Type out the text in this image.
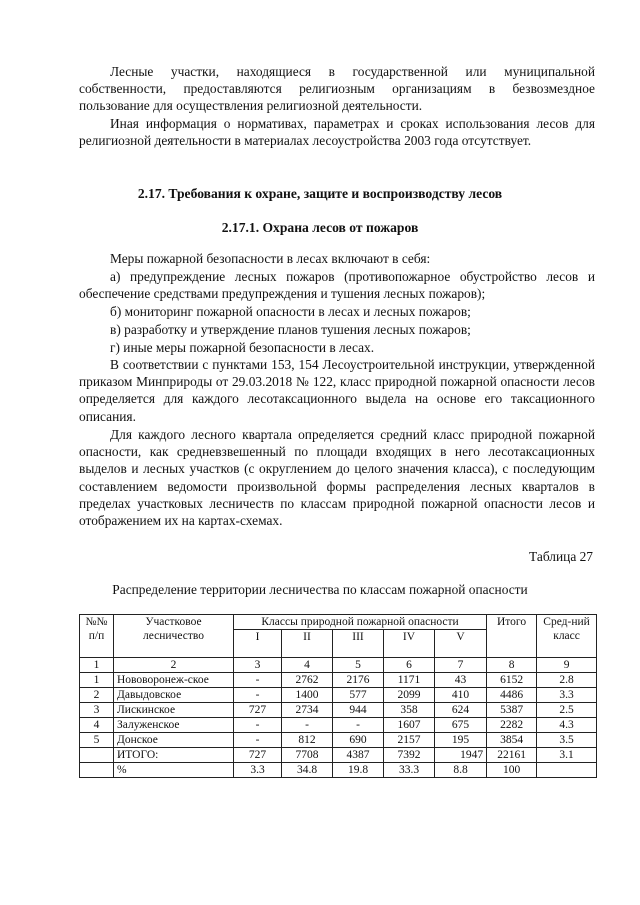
Лесные участки, находящиеся в государственной или муниципальной собственности, предоставляются религиозным организациям в безвозмездное пользование для осуществления религиозной деятельности.

Иная информация о нормативах, параметрах и сроках использования лесов для религиозной деятельности в материалах лесоустройства 2003 года отсутствует.

2.17. Требования к охране, защите и воспроизводству лесов

2.17.1. Охрана лесов от пожаров

Меры пожарной безопасности в лесах включают в себя:

а) предупреждение лесных пожаров (противопожарное обустройство лесов и обеспечение средствами предупреждения и тушения лесных пожаров);

б) мониторинг пожарной опасности в лесах и лесных пожаров;

в) разработку и утверждение планов тушения лесных пожаров;

г) иные меры пожарной безопасности в лесах.

В соответствии с пунктами 153, 154 Лесоустроительной инструкции, утвержденной приказом Минприроды от 29.03.2018 № 122, класс природной пожарной опасности лесов определяется для каждого лесотаксационного выдела на основе его таксационного описания.

Для каждого лесного квартала определяется средний класс природной пожарной опасности, как средневзвешенный по площади входящих в него лесотаксационных выделов и лесных участков (с округлением до целого значения класса), с последующим составлением ведомости произвольной формы распределения лесных кварталов в пределах участковых лесничеств по классам природной пожарной опасности лесов и отображением их на картах-схемах.

Таблица 27

Распределение территории лесничества по классам пожарной опасности

№№ п/п	Участковое лесничество	Классы природной пожарной опасности					Итого	Сред-ний класс
		I	II	III	IV	V		
1	2	3	4	5	6	7	8	9
1	Нововоронеж-ское	-	2762	2176	1171	43	6152	2.8
2	Давыдовское	-	1400	577	2099	410	4486	3.3
3	Лискинское	727	2734	944	358	624	5387	2.5
4	Залуженское	-	-	-	1607	675	2282	4.3
5	Донское	-	812	690	2157	195	3854	3.5
	ИТОГО:	727	7708	4387	7392	1947	22161	3.1
	%	3.3	34.8	19.8	33.3	8.8	100	
